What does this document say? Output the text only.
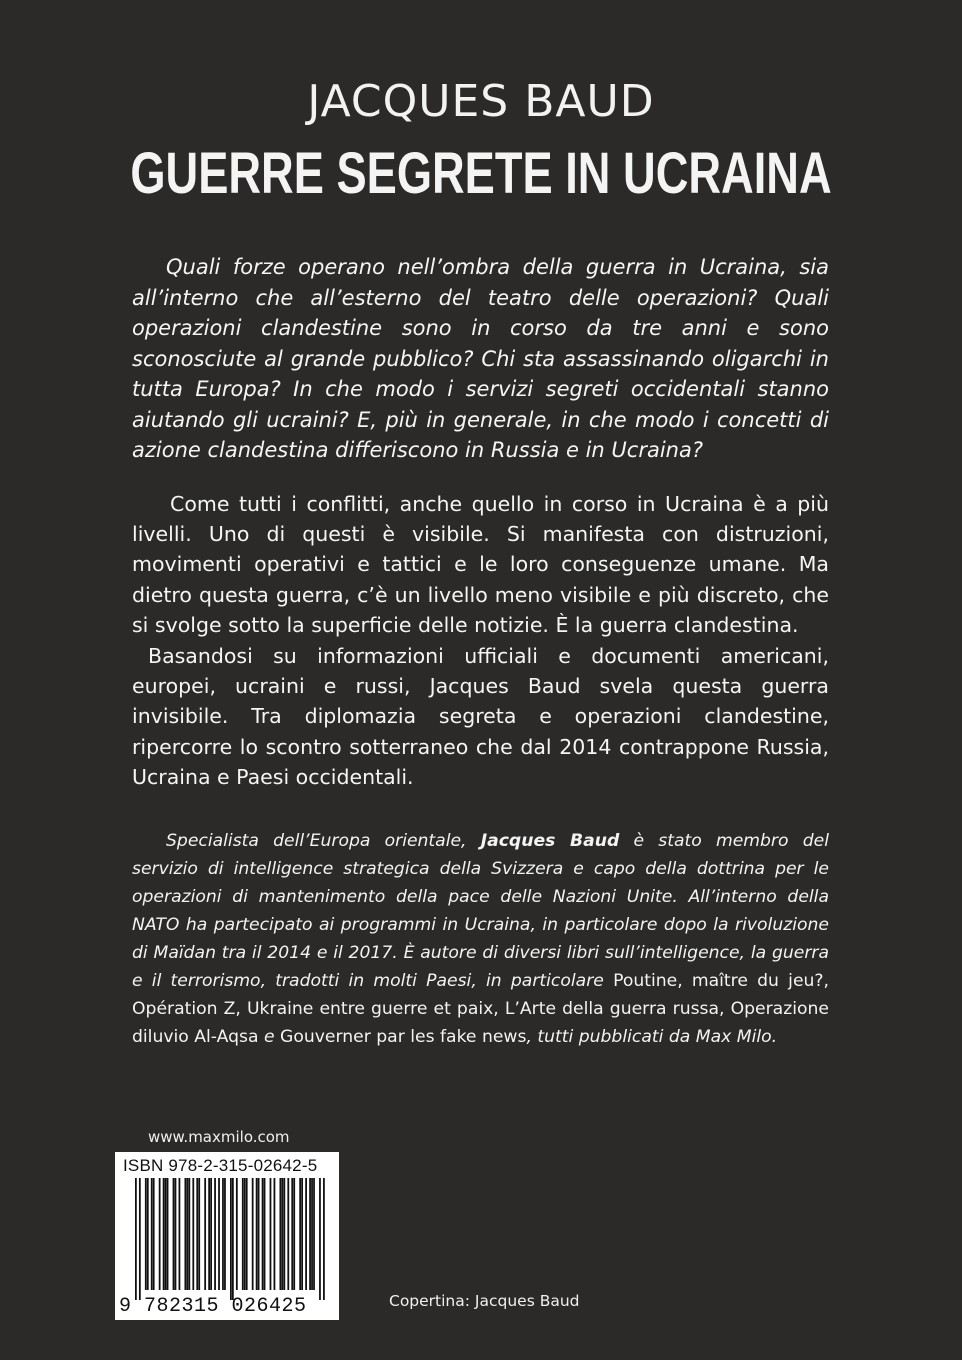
JACQUES BAUD
GUERRE SEGRETE IN UCRAINA

Quali forze operano nell’ombra della guerra in Ucraina, sia all’interno che all’esterno del teatro delle operazioni? Quali operazioni clandestine sono in corso da tre anni e sono sconosciute al grande pubblico? Chi sta assassinando oligarchi in tutta Europa? In che modo i servizi segreti occidentali stanno aiutando gli ucraini? E, più in generale, in che modo i concetti di azione clandestina differiscono in Russia e in Ucraina?

Come tutti i conflitti, anche quello in corso in Ucraina è a più livelli. Uno di questi è visibile. Si manifesta con distruzioni, movimenti operativi e tattici e le loro conseguenze umane. Ma dietro questa guerra, c’è un livello meno visibile e più discreto, che si svolge sotto la superficie delle notizie. È la guerra clandestina.

Basandosi su informazioni ufficiali e documenti americani, europei, ucraini e russi, Jacques Baud svela questa guerra invisibile. Tra diplomazia segreta e operazioni clandestine, ripercorre lo scontro sotterraneo che dal 2014 contrappone Russia, Ucraina e Paesi occidentali.

Specialista dell’Europa orientale, Jacques Baud è stato membro del servizio di intelligence strategica della Svizzera e capo della dottrina per le operazioni di mantenimento della pace delle Nazioni Unite. All’interno della NATO ha partecipato ai programmi in Ucraina, in particolare dopo la rivoluzione di Maïdan tra il 2014 e il 2017. È autore di diversi libri sull’intelligence, la guerra e il terrorismo, tradotti in molti Paesi, in particolare Poutine, maître du jeu?, Opération Z, Ukraine entre guerre et paix, L’Arte della guerra russa, Operazione diluvio Al-Aqsa e Gouverner par les fake news, tutti pubblicati da Max Milo.

www.maxmilo.com
ISBN 978-2-315-02642-5
9 782315 026425	Copertina: Jacques Baud
